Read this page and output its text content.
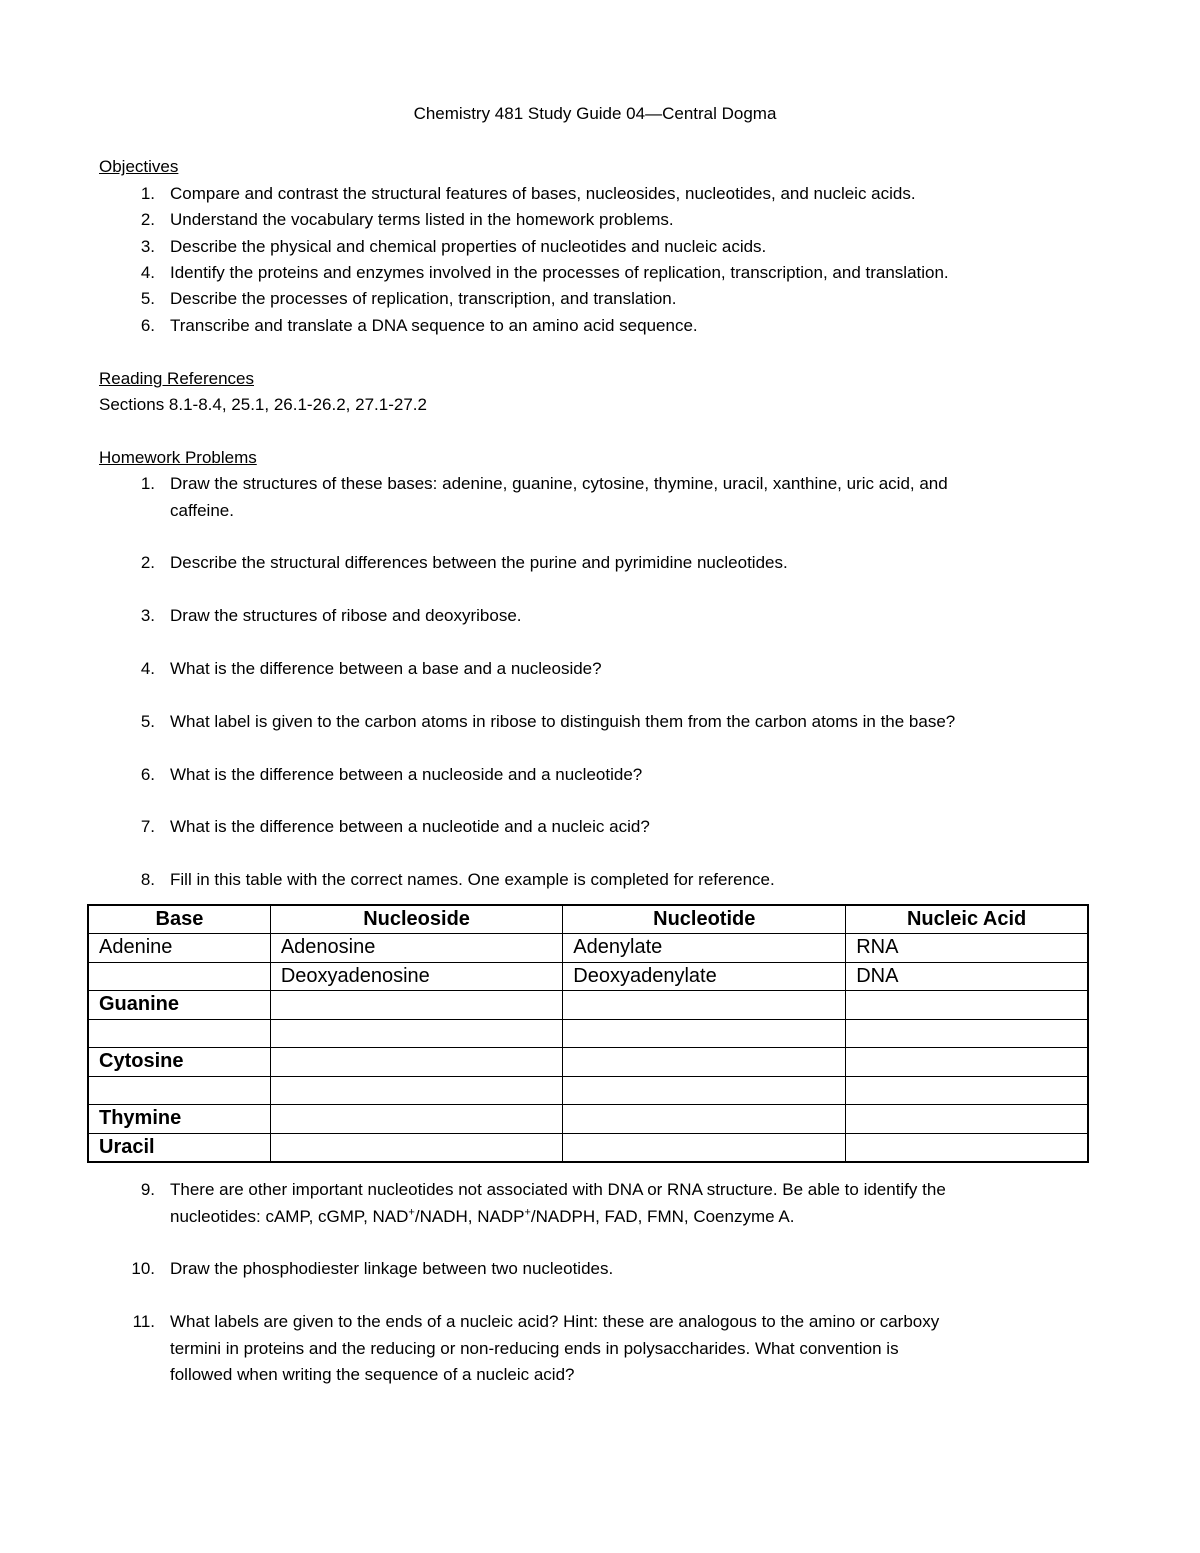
Chemistry 481 Study Guide 04—Central Dogma

Objectives

1. Compare and contrast the structural features of bases, nucleosides, nucleotides, and nucleic acids.
2. Understand the vocabulary terms listed in the homework problems.
3. Describe the physical and chemical properties of nucleotides and nucleic acids.
4. Identify the proteins and enzymes involved in the processes of replication, transcription, and translation.
5. Describe the processes of replication, transcription, and translation.
6. Transcribe and translate a DNA sequence to an amino acid sequence.

Reading References

Sections 8.1-8.4, 25.1, 26.1-26.2, 27.1-27.2

Homework Problems

1. Draw the structures of these bases: adenine, guanine, cytosine, thymine, uracil, xanthine, uric acid, and
caffeine.
2. Describe the structural differences between the purine and pyrimidine nucleotides.
3. Draw the structures of ribose and deoxyribose.
4. What is the difference between a base and a nucleoside?
5. What label is given to the carbon atoms in ribose to distinguish them from the carbon atoms in the base?
6. What is the difference between a nucleoside and a nucleotide?
7. What is the difference between a nucleotide and a nucleic acid?
8. Fill in this table with the correct names. One example is completed for reference.
Base	Nucleoside	Nucleotide	Nucleic Acid
Adenine	Adenosine	Adenylate	RNA
	Deoxyadenosine	Deoxyadenylate	DNA
Guanine			

Cytosine			

Thymine			
Uracil			
9. There are other important nucleotides not associated with DNA or RNA structure. Be able to identify the
nucleotides: cAMP, cGMP, NAD+/NADH, NADP+/NADPH, FAD, FMN, Coenzyme A.
10. Draw the phosphodiester linkage between two nucleotides.
11. What labels are given to the ends of a nucleic acid? Hint: these are analogous to the amino or carboxy
termini in proteins and the reducing or non-reducing ends in polysaccharides. What convention is
followed when writing the sequence of a nucleic acid?
